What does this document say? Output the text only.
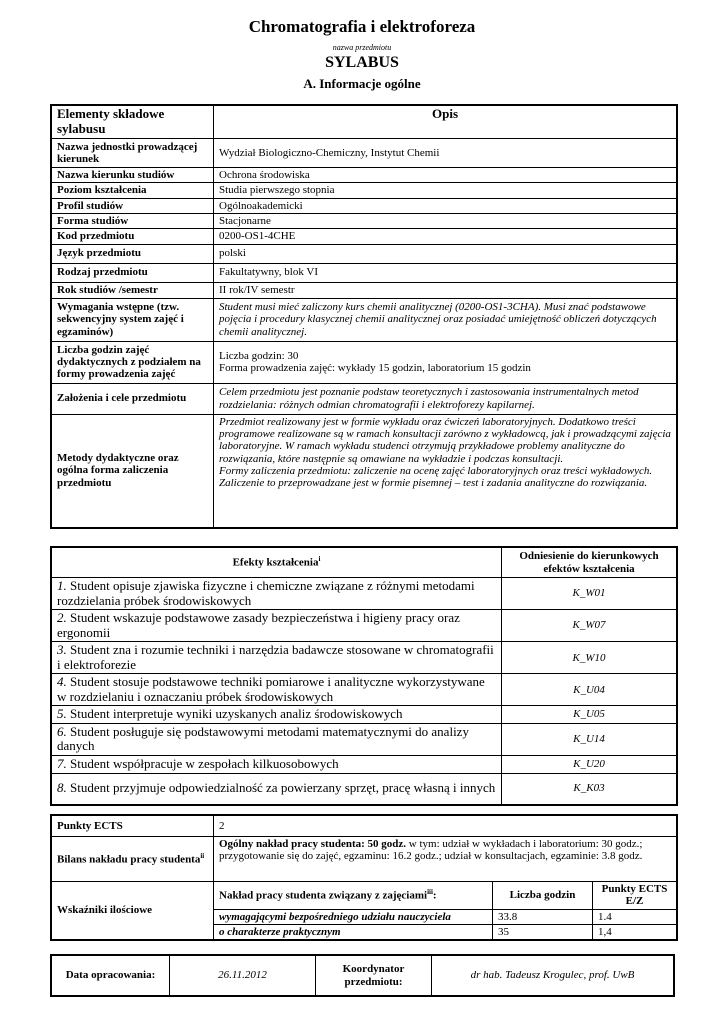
Chromatografia i elektroforeza
nazwa przedmiotu
SYLABUS
A. Informacje ogólne
Elementy składowe sylabusu	Opis
Nazwa jednostki prowadzącej kierunek	Wydział Biologiczno-Chemiczny, Instytut Chemii
Nazwa kierunku studiów	Ochrona środowiska
Poziom kształcenia	Studia pierwszego stopnia
Profil studiów	Ogólnoakademicki
Forma studiów	Stacjonarne
Kod przedmiotu	0200-OS1-4CHE
Język przedmiotu	polski
Rodzaj przedmiotu	Fakultatywny, blok VI
Rok studiów /semestr	II rok/IV semestr
Wymagania wstępne (tzw. sekwencyjny system zajęć i egzaminów)	Student musi mieć zaliczony kurs chemii analitycznej (0200-OS1-3CHA). Musi znać podstawowe pojęcia i procedury klasycznej chemii analitycznej oraz posiadać umiejętność obliczeń dotyczących chemii analitycznej.
Liczba godzin zajęć dydaktycznych z podziałem na formy prowadzenia zajęć	Liczba godzin: 30
Forma prowadzenia zajęć: wykłady 15 godzin, laboratorium 15 godzin

Założenia i cele przedmiotu	Celem przedmiotu jest poznanie podstaw teoretycznych i zastosowania instrumentalnych metod rozdzielania: różnych odmian chromatografii i elektroforezy kapilarnej.
Metody dydaktyczne oraz ogólna forma zaliczenia przedmiotu	Przedmiot realizowany jest w formie wykładu oraz ćwiczeń laboratoryjnych. Dodatkowo treści programowe realizowane są w ramach konsultacji zarówno z wykładowcą, jak i prowadzącymi zajęcia laboratoryjne. W ramach wykładu studenci otrzymują przykładowe problemy analityczne do rozwiązania, które następnie są omawiane na wykładzie i podczas konsultacji.
Formy zaliczenia przedmiotu: zaliczenie na ocenę zajęć laboratoryjnych oraz treści wykładowych. Zaliczenie to przeprowadzane jest w formie pisemnej – test i zadania analityczne do rozwiązania.
Efekty kształcenia$^i$	Odniesienie do kierunkowych efektów kształcenia
1. Student opisuje zjawiska fizyczne i chemiczne związane z różnymi metodami rozdzielania próbek środowiskowych	K_W01
2. Student wskazuje podstawowe zasady bezpieczeństwa i higieny pracy oraz ergonomii	K_W07
3. Student zna i rozumie techniki i narzędzia badawcze stosowane w chromatografii i elektroforezie	K_W10
4. Student stosuje podstawowe techniki pomiarowe i analityczne wykorzystywane w rozdzielaniu i oznaczaniu próbek środowiskowych	K_U04
5. Student interpretuje wyniki uzyskanych analiz środowiskowych	K_U05
6. Student posługuje się podstawowymi metodami matematycznymi do analizy danych	K_U14
7. Student współpracuje w zespołach kilkuosobowych	K_U20
8. Student przyjmuje odpowiedzialność za powierzany sprzęt, pracę własną i innych	K_K03
Punkty ECTS	2		
Bilans nakładu pracy studenta$^{ii}$	Ogólny nakład pracy studenta: 50 godz. w tym: udział w wykładach i laboratorium: 30 godz.; przygotowanie się do zajęć, egzaminu: 16.2 godz.; udział w konsultacjach, egzaminie: 3.8 godz.		
Wskaźniki ilościowe	Nakład pracy studenta związany z zajęciami$^{iii}$:	Liczba godzin	Punkty ECTS E/Z
	wymagającymi bezpośredniego udziału nauczyciela	33.8	1.4
	o charakterze praktycznym	35	1,4
Data opracowania:	26.11.2012	Koordynator przedmiotu:	dr hab. Tadeusz Krogulec, prof. UwB
